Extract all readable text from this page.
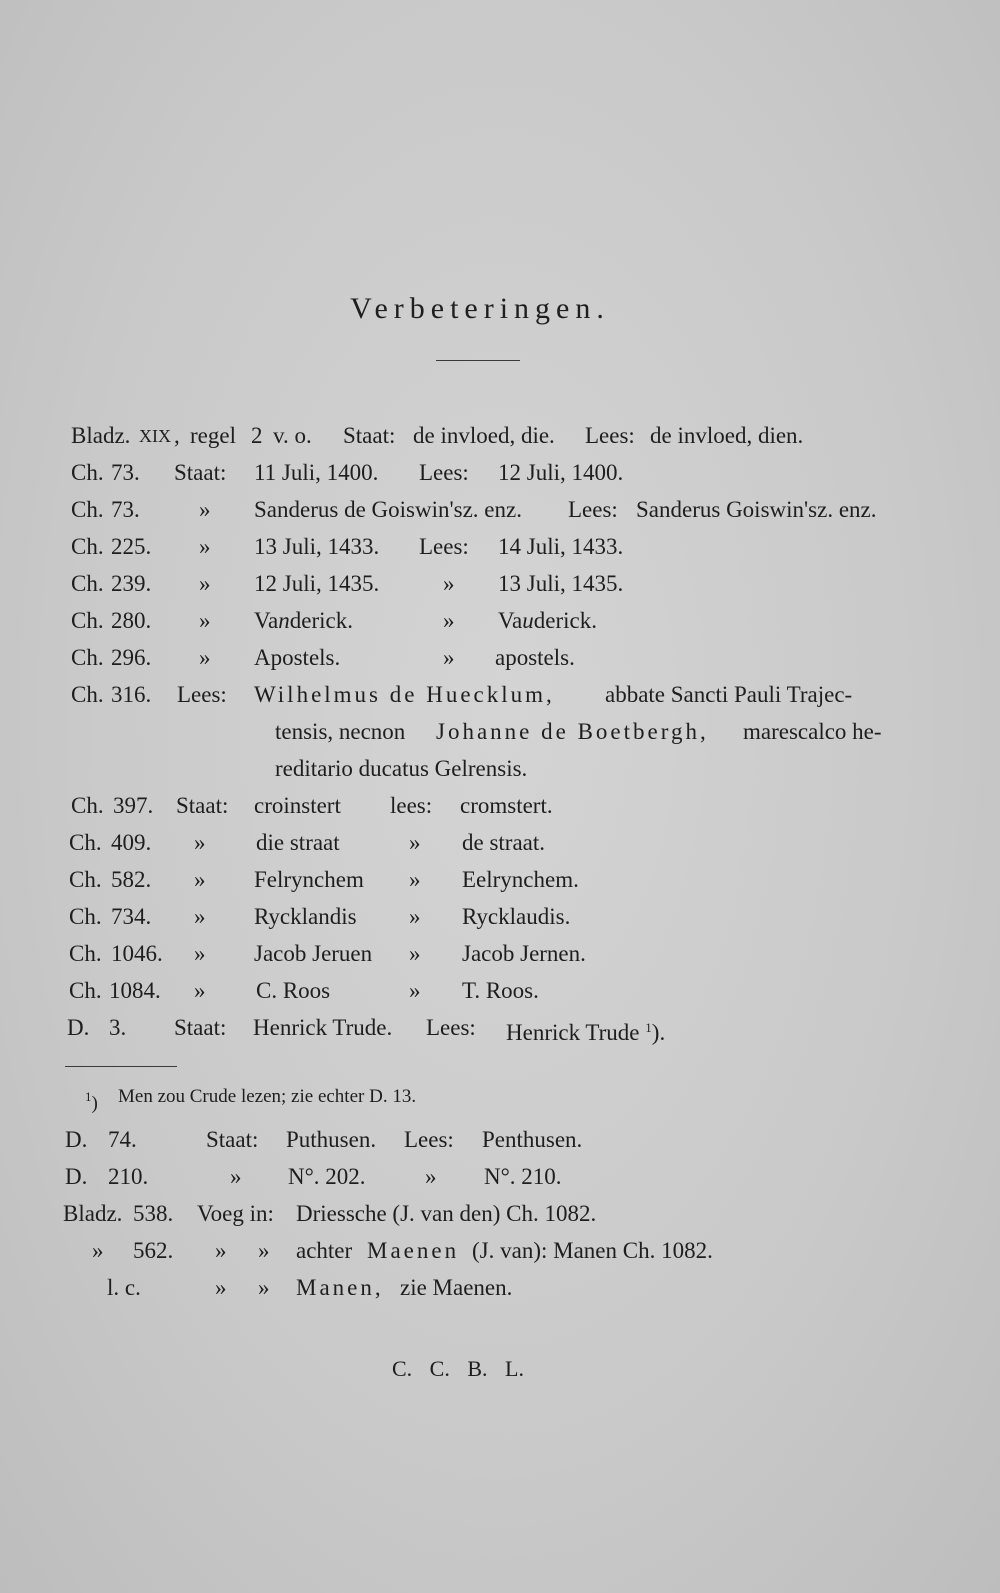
Verbeteringen.
Bladz. XIX , regel 2 v. o. Staat: de invloed, die. Lees: de invloed, dien.
Ch. 73. Staat: 11 Juli, 1400. Lees: 12 Juli, 1400.
Ch. 73.	» Sanderus de Goiswin'sz. enz. Lees: Sanderus Goiswin'sz. enz.
Ch. 225. » 13 Juli, 1433. Lees: 14 Juli, 1433.
Ch. 239. » 12 Juli, 1435.	» 13 Juli, 1435.
Ch. 280. » Vanderick.	» Vauderick.
Ch. 296. » Apostels.	» apostels.
Ch. 316. Lees: Wilhelmus de Huecklum, abbate Sancti Pauli Trajec-
tensis, necnon Johanne de Boetbergh, marescalco he-
reditario ducatus Gelrensis.
Ch. 397. Staat: croinstert lees: cromstert.
Ch. 409. » die straat	» de straat.
Ch. 582. » Felrynchem » Eelrynchem.
Ch. 734. » Rycklandis » Rycklaudis.
Ch. 1046. » Jacob Jeruen » Jacob Jernen.
Ch. 1084. » C. Roos	» T. Roos.
D. 3. Staat: Henrick Trude. Lees: Henrick Trude $^1$).
$^1$) Men zou Crude lezen; zie echter D. 13.
D. 74.	Staat: Puthusen. Lees: Penthusen.
D. 210.	» N°. 202.	» N°. 210.
Bladz. 538. Voeg in: Driessche (J. van den) Ch. 1082.
» 562. » » achter Maenen (J. van): Manen Ch. 1082.
l. c.	» » Manen, zie Maenen.
C. C. B. L.
